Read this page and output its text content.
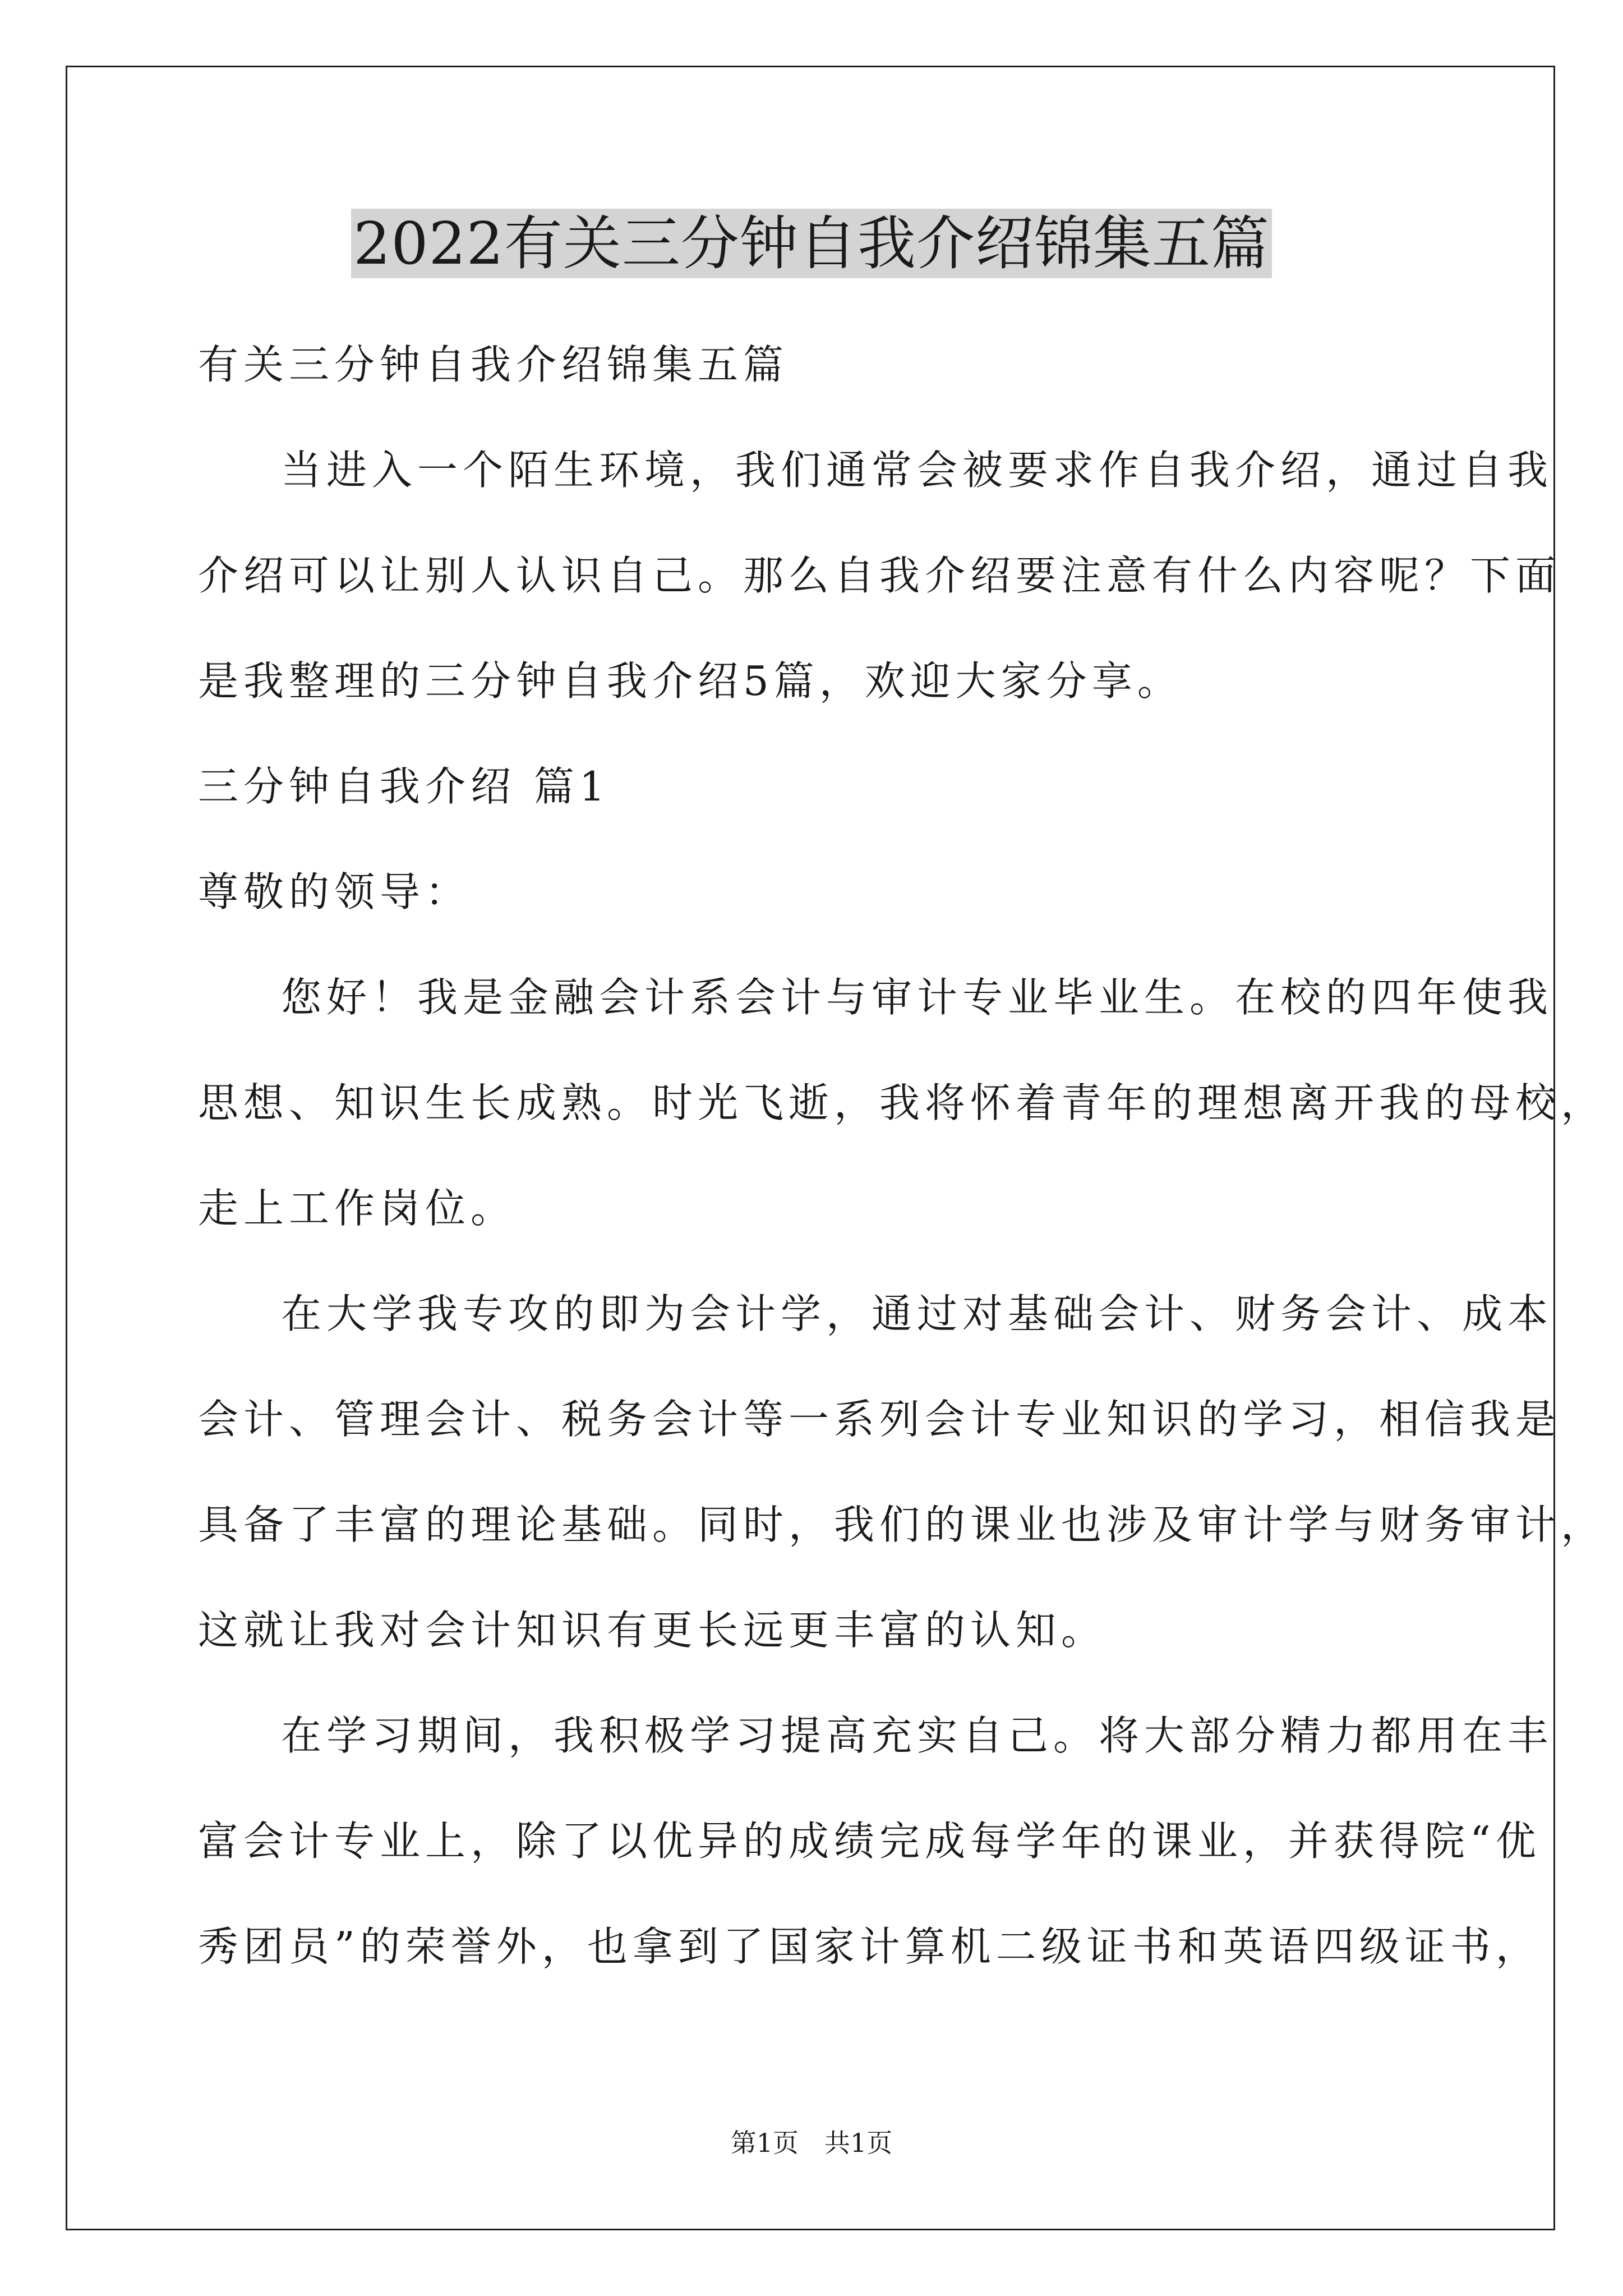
2022有关三分钟自我介绍锦集五篇
有关三分钟自我介绍锦集五篇
当进入一个陌生环境，我们通常会被要求作自我介绍，通过自我
介绍可以让别人认识自己。那么自我介绍要注意有什么内容呢？下面
是我整理的三分钟自我介绍5篇，欢迎大家分享。
三分钟自我介绍 篇1
尊敬的领导：
您好！我是金融会计系会计与审计专业毕业生。在校的四年使我
思想、知识生长成熟。时光飞逝，我将怀着青年的理想离开我的母校，
走上工作岗位。
在大学我专攻的即为会计学，通过对基础会计、财务会计、成本
会计、管理会计、税务会计等一系列会计专业知识的学习，相信我是
具备了丰富的理论基础。同时，我们的课业也涉及审计学与财务审计，
这就让我对会计知识有更长远更丰富的认知。
在学习期间，我积极学习提高充实自己。将大部分精力都用在丰
富会计专业上，除了以优异的成绩完成每学年的课业，并获得院“优
秀团员”的荣誉外，也拿到了国家计算机二级证书和英语四级证书，
第1页 共1页
